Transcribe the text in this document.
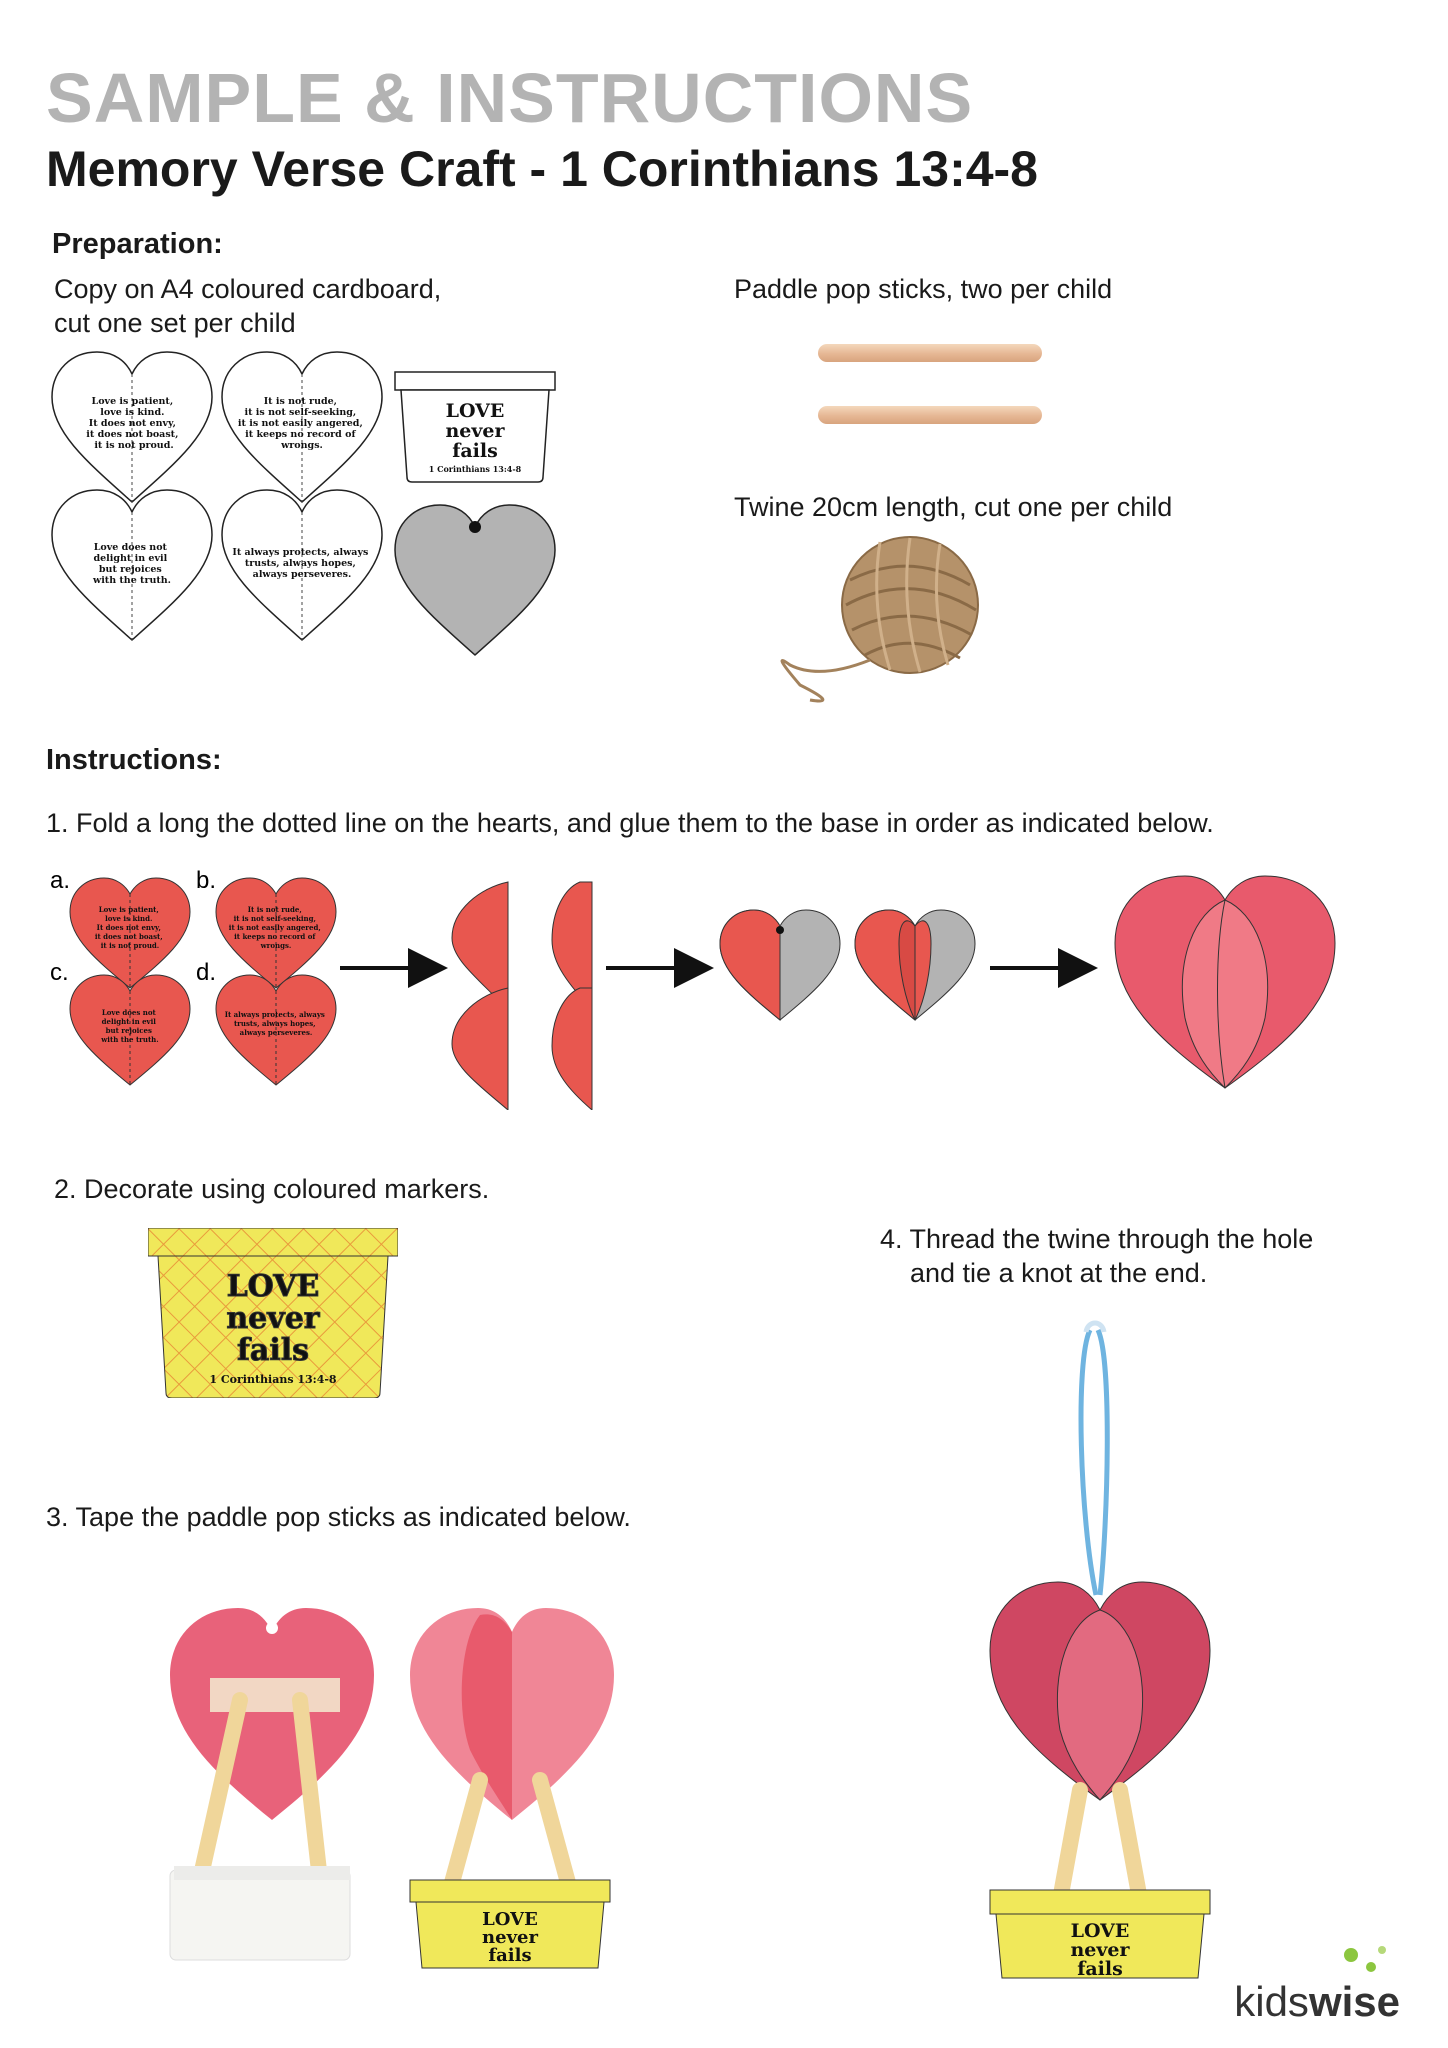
SAMPLE & INSTRUCTIONS
Memory Verse Craft - 1 Corinthians 13:4-8
Preparation:
Copy on A4 coloured cardboard,
cut one set per child
Paddle pop sticks, two per child
Twine 20cm length, cut one per child
Love is patient, love is kind. It does not envy, it does not boast, it is not proud.
It is not rude, it is not self-seeking, it is not easily angered, it keeps no record of wrongs.
Love does not delight in evil but rejoices with the truth.
It always protects, always trusts, always hopes, always perseveres.
LOVE
never
fails
1 Corinthians 13:4-8
Instructions:
1. Fold a long the dotted line on the hearts, and glue them to the base in order as indicated below.
a.	b.
c.	d.
Love is patient, love is kind. It does not envy, it does not boast, it is not proud.
It is not rude, it is not self-seeking, it is not easily angered, it keeps no record of wrongs.
Love does not delight in evil but rejoices with the truth.
It always protects, always trusts, always hopes, always perseveres.
2. Decorate using coloured markers.
LOVE
never
fails
1 Corinthians 13:4-8
3. Tape the paddle pop sticks as indicated below.
LOVE
never
fails
4. Thread the twine through the hole
and tie a knot at the end.
LOVE
never
fails
kidswise
